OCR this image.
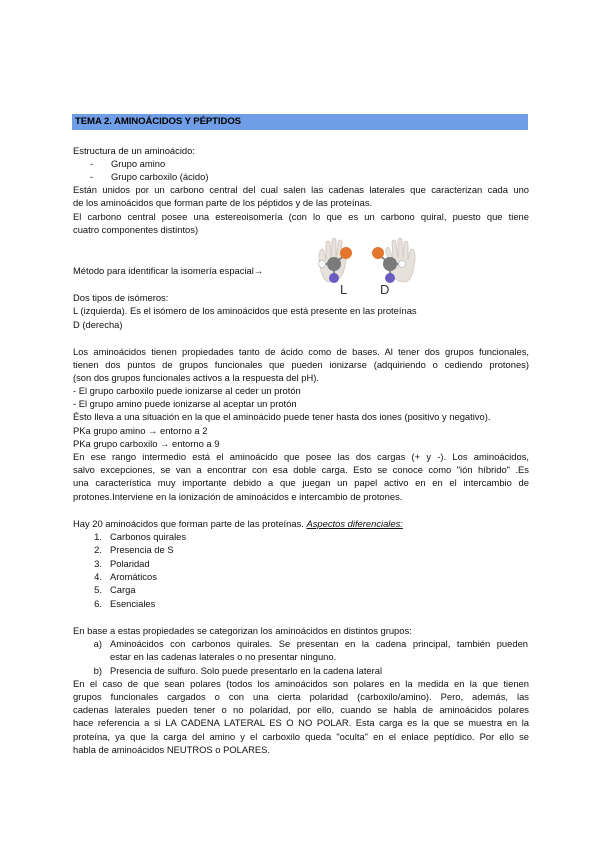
TEMA 2. AMINOÁCIDOS Y PÉPTIDOS
Estructura de un aminoácido:
- Grupo amino
- Grupo carboxilo (ácido)
Están unidos por un carbono central del cual salen las cadenas laterales que caracterizan cada uno
de los aminoácidos que forman parte de los péptidos y de las proteínas.
El carbono central posee una estereoisomería (con lo que es un carbono quiral, puesto que tiene
cuatro componentes distintos)
L	D
Método para identificar la isomería espacial→
Dos tipos de isómeros:
L (izquierda). Es el isómero de los aminoácidos que está presente en las proteínas
D (derecha)
Los aminoácidos tienen propiedades tanto de ácido como de bases. Al tener dos grupos funcionales,
tienen dos puntos de grupos funcionales que pueden ionizarse (adquiriendo o cediendo protones)
(son dos grupos funcionales activos a la respuesta del pH).
- El grupo carboxilo puede ionizarse al ceder un protón
- El grupo amino puede ionizarse al aceptar un protón
Ésto lleva a una situación en la que el aminoácido puede tener hasta dos iones (positivo y negativo).
PKa grupo amino → entorno a 2
PKa grupo carboxilo → entorno a 9
En ese rango intermedio está el aminoácido que posee las dos cargas (+ y -). Los aminoácidos,
salvo excepciones, se van a encontrar con esa doble carga. Esto se conoce como "ión híbrido" .Es
una característica muy importante debido a que juegan un papel activo en en el intercambio de
protones.Interviene en la ionización de aminoácidos e intercambio de protones.
Hay 20 aminoácidos que forman parte de las proteínas. Aspectos diferenciales:
1. Carbonos quirales
2. Presencia de S
3. Polaridad
4. Aromáticos
5. Carga
6. Esenciales
En base a estas propiedades se categorizan los aminoácidos en distintos grupos:
a) Aminoácidos con carbonos quirales. Se presentan en la cadena principal, también pueden
estar en las cadenas laterales o no presentar ninguno.
b) Presencia de sulfuro. Solo puede presentarlo en la cadena lateral
En el caso de que sean polares (todos los aminoácidos son polares en la medida en la que tienen
grupos funcionales cargados o con una cierta polaridad (carboxilo/amino). Pero, además, las
cadenas laterales pueden tener o no polaridad, por ello, cuando se habla de aminoácidos polares
hace referencia a si LA CADENA LATERAL ES O NO POLAR. Esta carga es la que se muestra en la
proteína, ya que la carga del amino y el carboxilo queda "oculta" en el enlace peptídico. Por ello se
habla de aminoácidos NEUTROS o POLARES.
